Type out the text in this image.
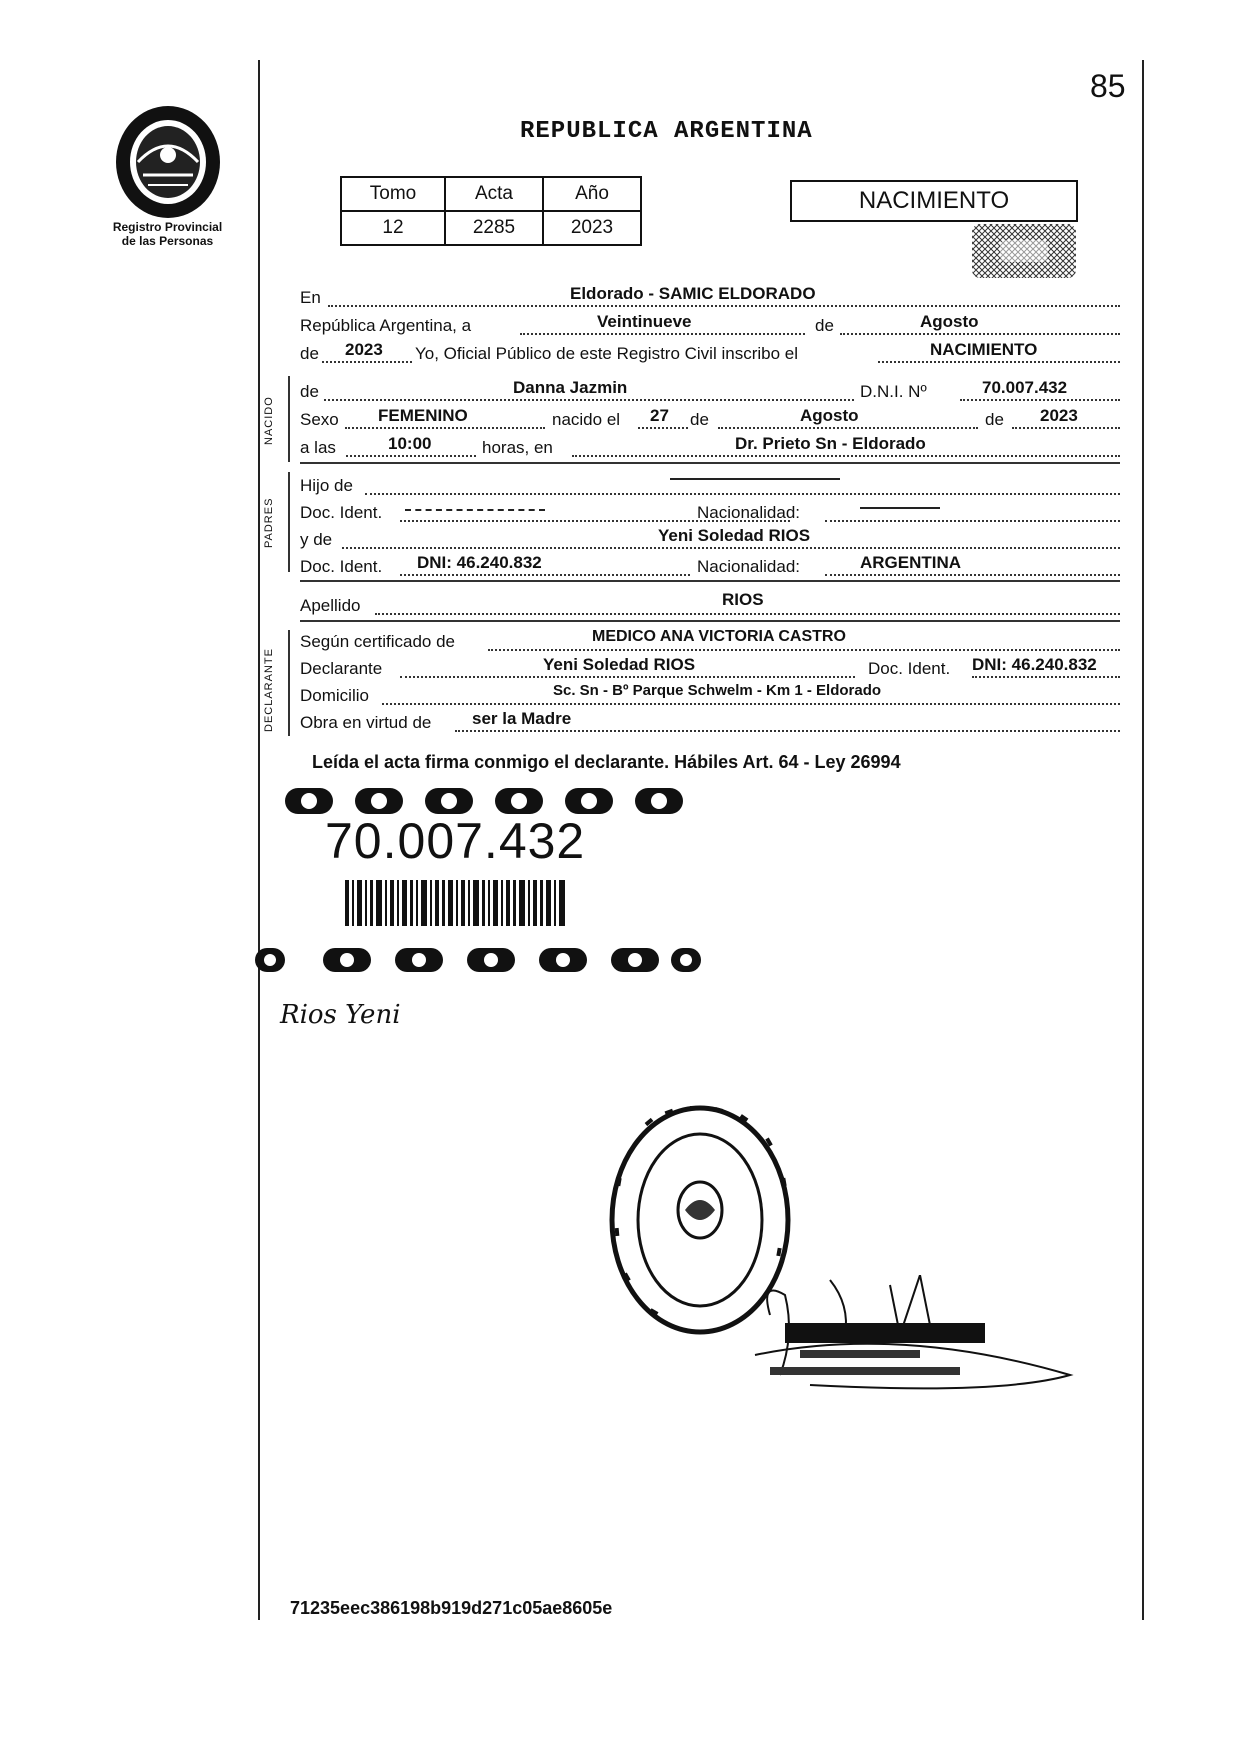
85
REPUBLICA ARGENTINA
Registro Provincial
de las Personas
Tomo	Acta	Año
12	2285	2023
NACIMIENTO
En	Eldorado - SAMIC ELDORADO
República Argentina, a	Veintinueve	de	Agosto
de 2023 Yo, Oficial Público de este Registro Civil inscribo el	NACIMIENTO
NACIDO
de	Danna Jazmin	D.N.I. Nº	70.007.432
Sexo FEMENINO	nacido el 27 de	Agosto	de 2023
a las	10:00	horas, en	Dr. Prieto Sn - Eldorado
PADRES
Hijo de
Doc. Ident.	Nacionalidad:
y de	Yeni Soledad RIOS
Doc. Ident. DNI: 46.240.832	Nacionalidad:	ARGENTINA
Apellido	RIOS
DECLARANTE
Según certificado de	MEDICO ANA VICTORIA CASTRO
Declarante	Yeni Soledad RIOS	Doc. Ident. DNI: 46.240.832
Domicilio	Sc. Sn - Bº Parque Schwelm - Km 1 - Eldorado
Obra en virtud de ser la Madre
Leída el acta firma conmigo el declarante. Hábiles Art. 64 - Ley 26994
70.007.432
Rios Yeni
71235eec386198b919d271c05ae8605e
